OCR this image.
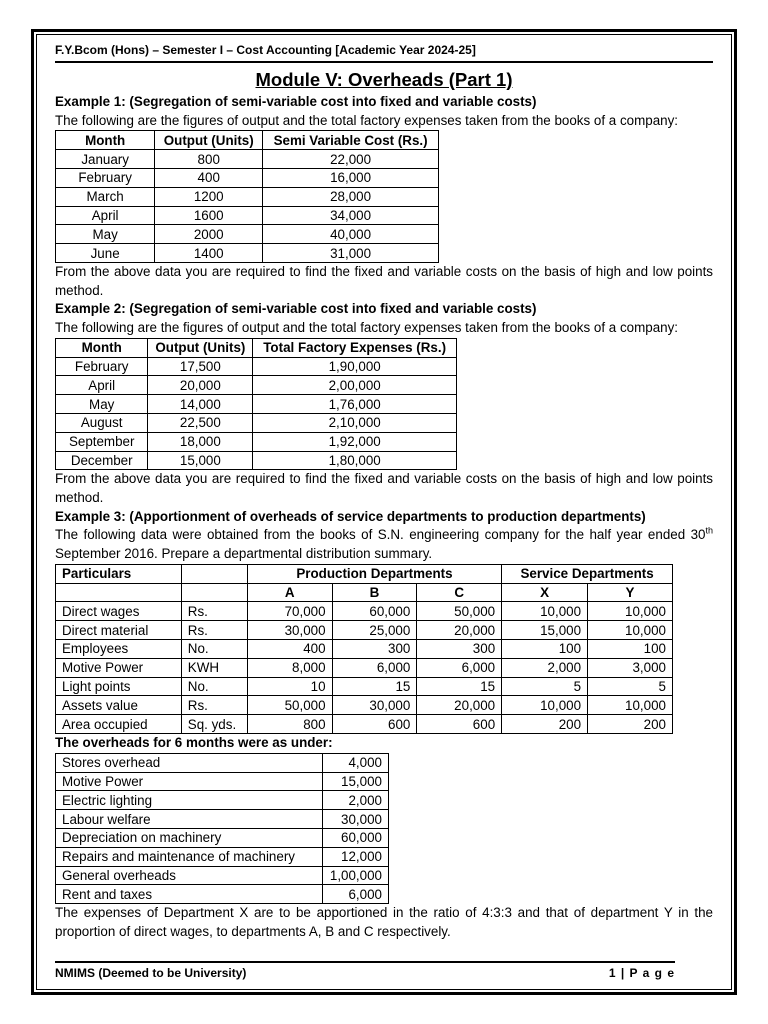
F.Y.Bcom (Hons) – Semester I – Cost Accounting [Academic Year 2024-25]
Module V: Overheads (Part 1)
Example 1: (Segregation of semi-variable cost into fixed and variable costs)

The following are the figures of output and the total factory expenses taken from the books of a company:

Month	Output (Units)	Semi Variable Cost (Rs.)
January	800	22,000
February	400	16,000
March	1200	28,000
April	1600	34,000
May	2000	40,000
June	1400	31,000

From the above data you are required to find the fixed and variable costs on the basis of high and low points method.

Example 2: (Segregation of semi-variable cost into fixed and variable costs)

The following are the figures of output and the total factory expenses taken from the books of a company:

Month	Output (Units)	Total Factory Expenses (Rs.)
February	17,500	1,90,000
April	20,000	2,00,000
May	14,000	1,76,000
August	22,500	2,10,000
September	18,000	1,92,000
December	15,000	1,80,000

From the above data you are required to find the fixed and variable costs on the basis of high and low points method.

Example 3: (Apportionment of overheads of service departments to production departments)

The following data were obtained from the books of S.N. engineering company for the half year ended 30th September 2016. Prepare a departmental distribution summary.

Particulars		Production Departments			Service Departments	
		A	B	C	X	Y
Direct wages	Rs.	70,000	60,000	50,000	10,000	10,000
Direct material	Rs.	30,000	25,000	20,000	15,000	10,000
Employees	No.	400	300	300	100	100
Motive Power	KWH	8,000	6,000	6,000	2,000	3,000
Light points	No.	10	15	15	5	5
Assets value	Rs.	50,000	30,000	20,000	10,000	10,000
Area occupied	Sq. yds.	800	600	600	200	200
The overheads for 6 months were as under:
Stores overhead	4,000
Motive Power	15,000
Electric lighting	2,000
Labour welfare	30,000
Depreciation on machinery	60,000
Repairs and maintenance of machinery	12,000
General overheads	1,00,000
Rent and taxes	6,000

The expenses of Department X are to be apportioned in the ratio of 4:3:3 and that of department Y in the proportion of direct wages, to departments A, B and C respectively.

NMIMS (Deemed to be University)	1 | P a g e
